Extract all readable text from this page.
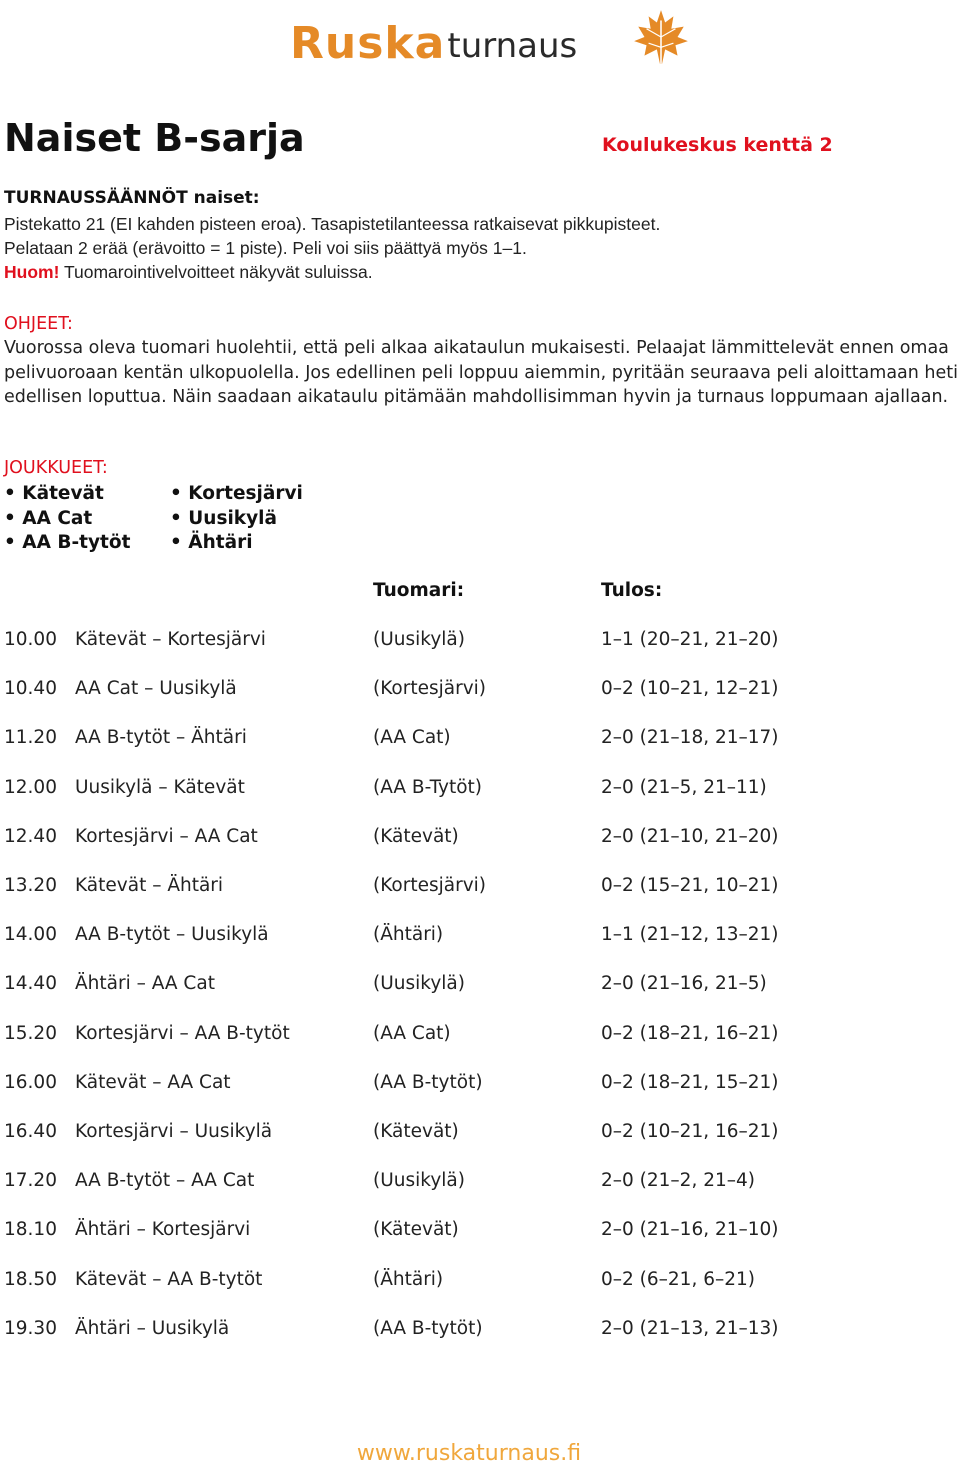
Rusk a turnaus
Naiset B-sarja	Koulukeskus kenttä 2
TURNAUSSÄÄNNÖT naiset:
Pistekatto 21 (EI kahden pisteen eroa). Tasapistetilanteessa ratkaisevat pikkupisteet.
Pelataan 2 erää (erävoitto = 1 piste). Peli voi siis päättyä myös 1–1.
Huom! Tuomarointivelvoitteet näkyvät suluissa.
OHJEET:
Vuorossa oleva tuomari huolehtii, että peli alkaa aikataulun mukaisesti. Pelaajat lämmittelevät ennen omaa pelivuoroaan kentän ulkopuolella. Jos edellinen peli loppuu aiemmin, pyritään seuraava peli aloittamaan heti edellisen loputtua. Näin saadaan aikataulu pitämään mahdollisimman hyvin ja turnaus loppumaan ajallaan.
JOUKKUEET:
• Kätevät
• AA Cat
• AA B-tytöt
• Kortesjärvi
• Uusikylä
• Ähtäri
Tuomari:	Tulos:
10.00 Kätevät – Kortesjärvi	(Uusikylä)	1–1 (20–21, 21–20)
10.40 AA Cat – Uusikylä	(Kortesjärvi)	0–2 (10–21, 12–21)
11.20 AA B-tytöt – Ähtäri	(AA Cat)	2–0 (21–18, 21–17)
12.00 Uusikylä – Kätevät	(AA B-Tytöt)	2–0 (21–5, 21–11)
12.40 Kortesjärvi – AA Cat	(Kätevät)	2–0 (21–10, 21–20)
13.20 Kätevät – Ähtäri	(Kortesjärvi)	0–2 (15–21, 10–21)
14.00 AA B-tytöt – Uusikylä	(Ähtäri)	1–1 (21–12, 13–21)
14.40 Ähtäri – AA Cat	(Uusikylä)	2–0 (21–16, 21–5)
15.20 Kortesjärvi – AA B-tytöt	(AA Cat)	0–2 (18–21, 16–21)
16.00 Kätevät – AA Cat	(AA B-tytöt)	0–2 (18–21, 15–21)
16.40 Kortesjärvi – Uusikylä	(Kätevät)	0–2 (10–21, 16–21)
17.20 AA B-tytöt – AA Cat	(Uusikylä)	2–0 (21–2, 21–4)
18.10 Ähtäri – Kortesjärvi	(Kätevät)	2–0 (21–16, 21–10)
18.50 Kätevät – AA B-tytöt	(Ähtäri)	0–2 (6–21, 6–21)
19.30 Ähtäri – Uusikylä	(AA B-tytöt)	2–0 (21–13, 21–13)
www.ruskaturnaus.fi
